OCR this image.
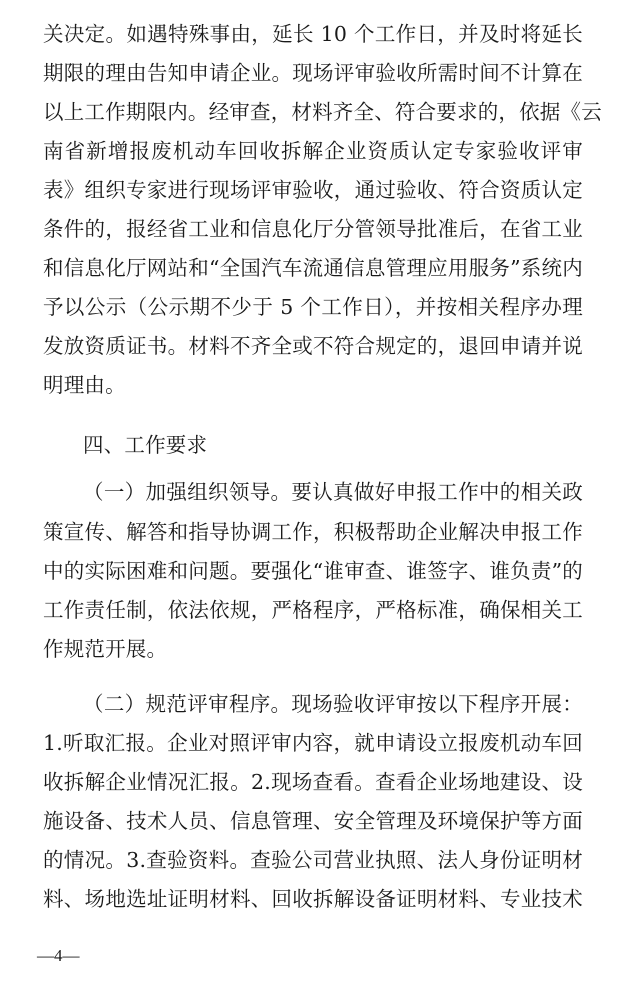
关决定。如遇特殊事由，延长 10 个工作日，并及时将延长
期限的理由告知申请企业。现场评审验收所需时间不计算在
以上工作期限内。经审查，材料齐全、符合要求的，依据《云
南省新增报废机动车回收拆解企业资质认定专家验收评审
表》组织专家进行现场评审验收，通过验收、符合资质认定
条件的，报经省工业和信息化厅分管领导批准后，在省工业
和信息化厅网站和“全国汽车流通信息管理应用服务”系统内
予以公示（公示期不少于 5 个工作日），并按相关程序办理
发放资质证书。材料不齐全或不符合规定的，退回申请并说
明理由。
四、工作要求
（一）加强组织领导。要认真做好申报工作中的相关政
策宣传、解答和指导协调工作，积极帮助企业解决申报工作
中的实际困难和问题。要强化“谁审查、谁签字、谁负责”的
工作责任制，依法依规，严格程序，严格标准，确保相关工
作规范开展。
（二）规范评审程序。现场验收评审按以下程序开展：
1.听取汇报。企业对照评审内容，就申请设立报废机动车回
收拆解企业情况汇报。2.现场查看。查看企业场地建设、设
施设备、技术人员、信息管理、安全管理及环境保护等方面
的情况。3.查验资料。查验公司营业执照、法人身份证明材
料、场地选址证明材料、回收拆解设备证明材料、专业技术
—4—
